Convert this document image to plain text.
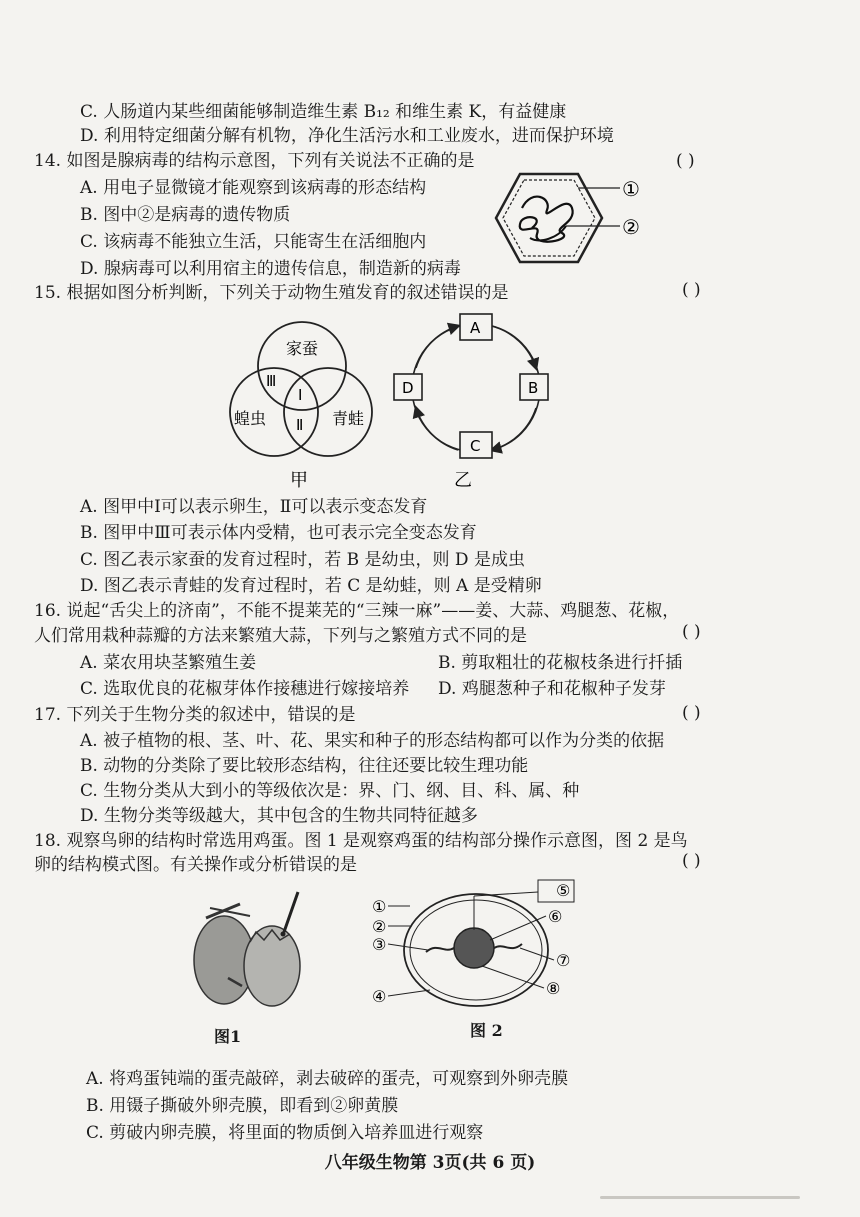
C. 人肠道内某些细菌能够制造维生素 B₁₂ 和维生素 K，有益健康
D. 利用特定细菌分解有机物，净化生活污水和工业废水，进而保护环境
14. 如图是腺病毒的结构示意图，下列有关说法不正确的是	( )
A. 用电子显微镜才能观察到该病毒的形态结构
B. 图中②是病毒的遗传物质
C. 该病毒不能独立生活，只能寄生在活细胞内
D. 腺病毒可以利用宿主的遗传信息，制造新的病毒
①
②
15. 根据如图分析判断，下列关于动物生殖发育的叙述错误的是	( )
家蚕
蝗虫	青蛙
Ⅰ
Ⅱ
Ⅲ
甲
A
B
C
D
乙
A. 图甲中Ⅰ可以表示卵生，Ⅱ可以表示变态发育
B. 图甲中Ⅲ可表示体内受精，也可表示完全变态发育
C. 图乙表示家蚕的发育过程时，若 B 是幼虫，则 D 是成虫
D. 图乙表示青蛙的发育过程时，若 C 是幼蛙，则 A 是受精卵
16. 说起“舌尖上的济南”，不能不提莱芜的“三辣一麻”——姜、大蒜、鸡腿葱、花椒，
人们常用栽种蒜瓣的方法来繁殖大蒜，下列与之繁殖方式不同的是	( )
A. 菜农用块茎繁殖生姜	B. 剪取粗壮的花椒枝条进行扦插
C. 选取优良的花椒芽体作接穗进行嫁接培养 D. 鸡腿葱种子和花椒种子发芽
17. 下列关于生物分类的叙述中，错误的是	( )
A. 被子植物的根、茎、叶、花、果实和种子的形态结构都可以作为分类的依据
B. 动物的分类除了要比较形态结构，往往还要比较生理功能
C. 生物分类从大到小的等级依次是：界、门、纲、目、科、属、种
D. 生物分类等级越大，其中包含的生物共同特征越多
18. 观察鸟卵的结构时常选用鸡蛋。图 1 是观察鸡蛋的结构部分操作示意图，图 2 是鸟
卵的结构模式图。有关操作或分析错误的是	( )
图1
①
②
③
④
⑤
⑥
⑦
⑧
图 2
A. 将鸡蛋钝端的蛋壳敲碎，剥去破碎的蛋壳，可观察到外卵壳膜
B. 用镊子撕破外卵壳膜，即看到②卵黄膜
C. 剪破内卵壳膜，将里面的物质倒入培养皿进行观察
八年级生物第 3页(共 6 页)
